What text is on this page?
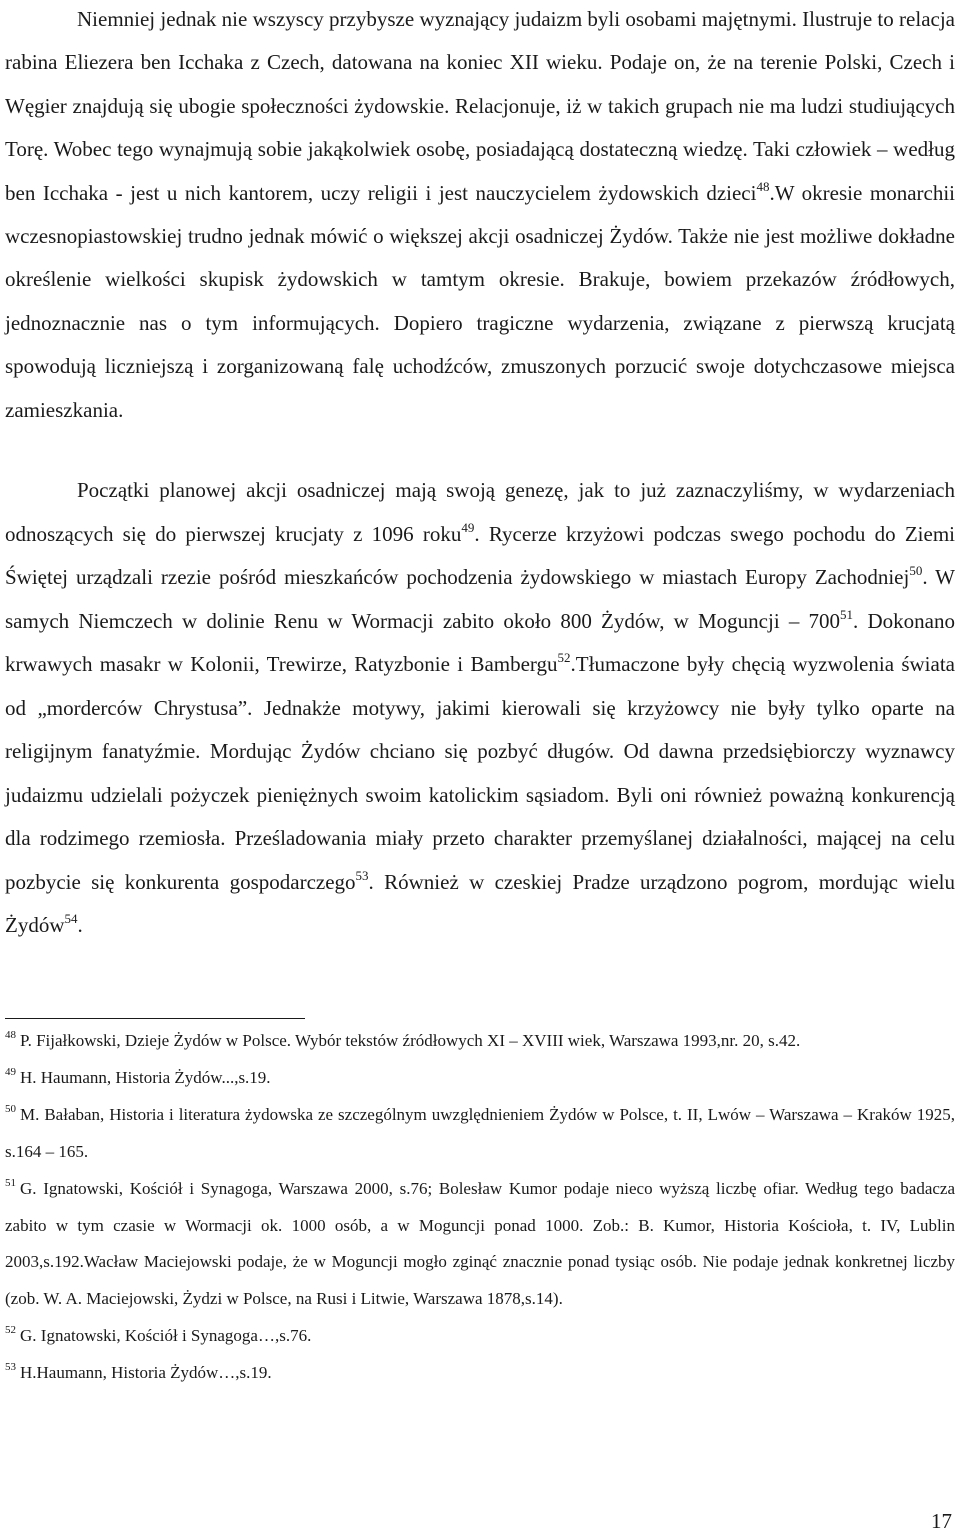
Niemniej jednak nie wszyscy przybysze wyznający judaizm byli osobami majętnymi. Ilustruje to relacja rabina Eliezera ben Icchaka z Czech, datowana na koniec XII wieku. Podaje on, że na terenie Polski, Czech i Węgier znajdują się ubogie społeczności żydowskie. Relacjonuje, iż w takich grupach nie ma ludzi studiujących Torę. Wobec tego wynajmują sobie jakąkolwiek osobę, posiadającą dostateczną wiedzę. Taki człowiek – według ben Icchaka - jest u nich kantorem, uczy religii i jest nauczycielem żydowskich dzieci$^{48}$.W okresie monarchii wczesnopiastowskiej trudno jednak mówić o większej akcji osadniczej Żydów. Także nie jest możliwe dokładne określenie wielkości skupisk żydowskich w tamtym okresie. Brakuje, bowiem przekazów źródłowych, jednoznacznie nas o tym informujących. Dopiero tragiczne wydarzenia, związane z pierwszą krucjatą spowodują liczniejszą i zorganizowaną falę uchodźców, zmuszonych porzucić swoje dotychczasowe miejsca zamieszkania.

Początki planowej akcji osadniczej mają swoją genezę, jak to już zaznaczyliśmy, w wydarzeniach odnoszących się do pierwszej krucjaty z 1096 roku$^{49}$. Rycerze krzyżowi podczas swego pochodu do Ziemi Świętej urządzali rzezie pośród mieszkańców pochodzenia żydowskiego w miastach Europy Zachodniej$^{50}$. W samych Niemczech w dolinie Renu w Wormacji zabito około 800 Żydów, w Moguncji – $700^{51}$. Dokonano krwawych masakr w Kolonii, Trewirze, Ratyzbonie i Bambergu$^{52}$.Tłumaczone były chęcią wyzwolenia świata od „morderców Chrystusa”. Jednakże motywy, jakimi kierowali się krzyżowcy nie były tylko oparte na religijnym fanatyźmie. Mordując Żydów chciano się pozbyć długów. Od dawna przedsiębiorczy wyznawcy judaizmu udzielali pożyczek pieniężnych swoim katolickim sąsiadom. Byli oni również poważną konkurencją dla rodzimego rzemiosła. Prześladowania miały przeto charakter przemyślanej działalności, mającej na celu pozbycie się konkurenta gospodarczego$^{53}$. Również w czeskiej Pradze urządzono pogrom, mordując wielu Żydów$^{54}$.

$^{48}$ P. Fijałkowski, Dzieje Żydów w Polsce. Wybór tekstów źródłowych XI – XVIII wiek, Warszawa 1993,nr. 20, s.42.

$^{49}$ H. Haumann, Historia Żydów...,s.19.

$^{50}$ M. Bałaban, Historia i literatura żydowska ze szczególnym uwzględnieniem Żydów w Polsce, t. II, Lwów – Warszawa – Kraków 1925, s.164 – 165.

$^{51}$ G. Ignatowski, Kościół i Synagoga, Warszawa 2000, s.76; Bolesław Kumor podaje nieco wyższą liczbę ofiar. Według tego badacza zabito w tym czasie w Wormacji ok. 1000 osób, a w Moguncji ponad 1000. Zob.: B. Kumor, Historia Kościoła, t. IV, Lublin 2003,s.192.Wacław Maciejowski podaje, że w Moguncji mogło zginąć znacznie ponad tysiąc osób. Nie podaje jednak konkretnej liczby (zob. W. A. Maciejowski, Żydzi w Polsce, na Rusi i Litwie, Warszawa 1878,s.14).

$^{52}$ G. Ignatowski, Kościół i Synagoga…,s.76.

$^{53}$ H.Haumann, Historia Żydów…,s.19.

17
